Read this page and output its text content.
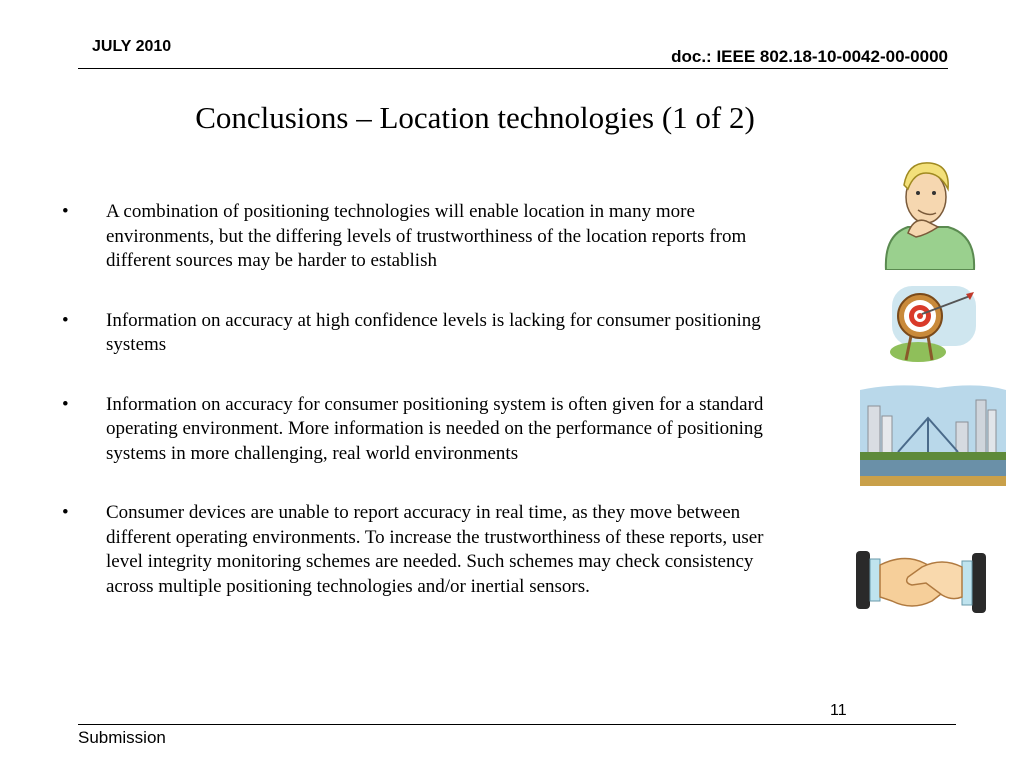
JULY 2010
doc.: IEEE 802.18-10-0042-00-0000
Conclusions – Location technologies (1 of 2)
• A combination of positioning technologies will enable location in many more environments, but the differing levels of trustworthiness of the location reports from different sources may be harder to establish
• Information on accuracy at high confidence levels is lacking for consumer positioning systems
• Information on accuracy for consumer positioning system is often given for a standard operating environment. More information is needed on the performance of positioning systems in more challenging, real world environments
• Consumer devices are unable to report accuracy in real time, as they move between different operating environments. To increase the trustworthiness of these reports, user level integrity monitoring schemes are needed. Such schemes may check consistency across multiple positioning technologies and/or inertial sensors.
11
Submission
